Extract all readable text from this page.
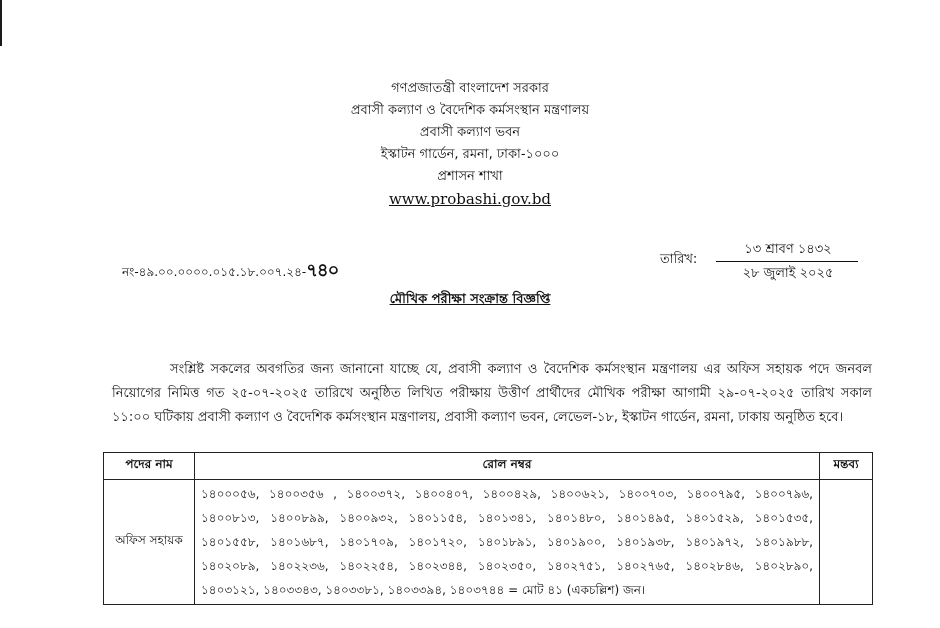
গণপ্রজাতন্ত্রী বাংলাদেশ সরকার
প্রবাসী কল্যাণ ও বৈদেশিক কর্মসংস্থান মন্ত্রণালয়
প্রবাসী কল্যাণ ভবন
ইস্কাটন গার্ডেন, রমনা, ঢাকা-১০০০
প্রশাসন শাখা
www.probashi.gov.bd
নং-৪৯.০০.০০০০.০১৫.১৮.০০৭.২৪-৭৪০
তারিখ:
১৩ শ্রাবণ ১৪৩২
২৮ জুলাই ২০২৫
মৌখিক পরীক্ষা সংক্রান্ত বিজ্ঞপ্তি

সংশ্লিষ্ট সকলের অবগতির জন্য জানানো যাচ্ছে যে, প্রবাসী কল্যাণ ও বৈদেশিক কর্মসংস্থান মন্ত্রণালয় এর অফিস সহায়ক পদে জনবল নিয়োগের নিমিত্ত গত ২৫-০৭-২০২৫ তারিখে অনুষ্ঠিত লিখিত পরীক্ষায় উত্তীর্ণ প্রার্থীদের মৌখিক পরীক্ষা আগামী ২৯-০৭-২০২৫ তারিখ সকাল ১১:০০ ঘটিকায় প্রবাসী কল্যাণ ও বৈদেশিক কর্মসংস্থান মন্ত্রণালয়, প্রবাসী কল্যাণ ভবন, লেভেল-১৮, ইস্কাটন গার্ডেন, রমনা, ঢাকায় অনুষ্ঠিত হবে।

পদের নাম	রোল নম্বর	মন্তব্য
অফিস সহায়ক	১৪০০০৫৬, ১৪০০৩৫৬ , ১৪০০৩৭২, ১৪০০৪০৭, ১৪০০৪২৯, ১৪০০৬২১, ১৪০০৭০৩, ১৪০০৭৯৫, ১৪০০৭৯৬, ১৪০০৮১৩, ১৪০০৮৯৯, ১৪০০৯৩২, ১৪০১১৫৪, ১৪০১৩৪১, ১৪০১৪৮০, ১৪০১৪৯৫, ১৪০১৫২৯, ১৪০১৫৩৫, ১৪০১৫৫৮, ১৪০১৬৮৭, ১৪০১৭০৯, ১৪০১৭২০, ১৪০১৮৯১, ১৪০১৯০০, ১৪০১৯৩৮, ১৪০১৯৭২, ১৪০১৯৮৮, ১৪০২০৮৯, ১৪০২২৩৬, ১৪০২২৫৪, ১৪০২৩৪৪, ১৪০২৩৫০, ১৪০২৭৫১, ১৪০২৭৬৫, ১৪০২৮৪৬, ১৪০২৮৯০, ১৪০৩১২১, ১৪০৩৩৪৩, ১৪০৩৩৮১, ১৪০৩৩৯৪, ১৪০৩৭৪৪ = মোট ৪১ (একচল্লিশ) জন।	
